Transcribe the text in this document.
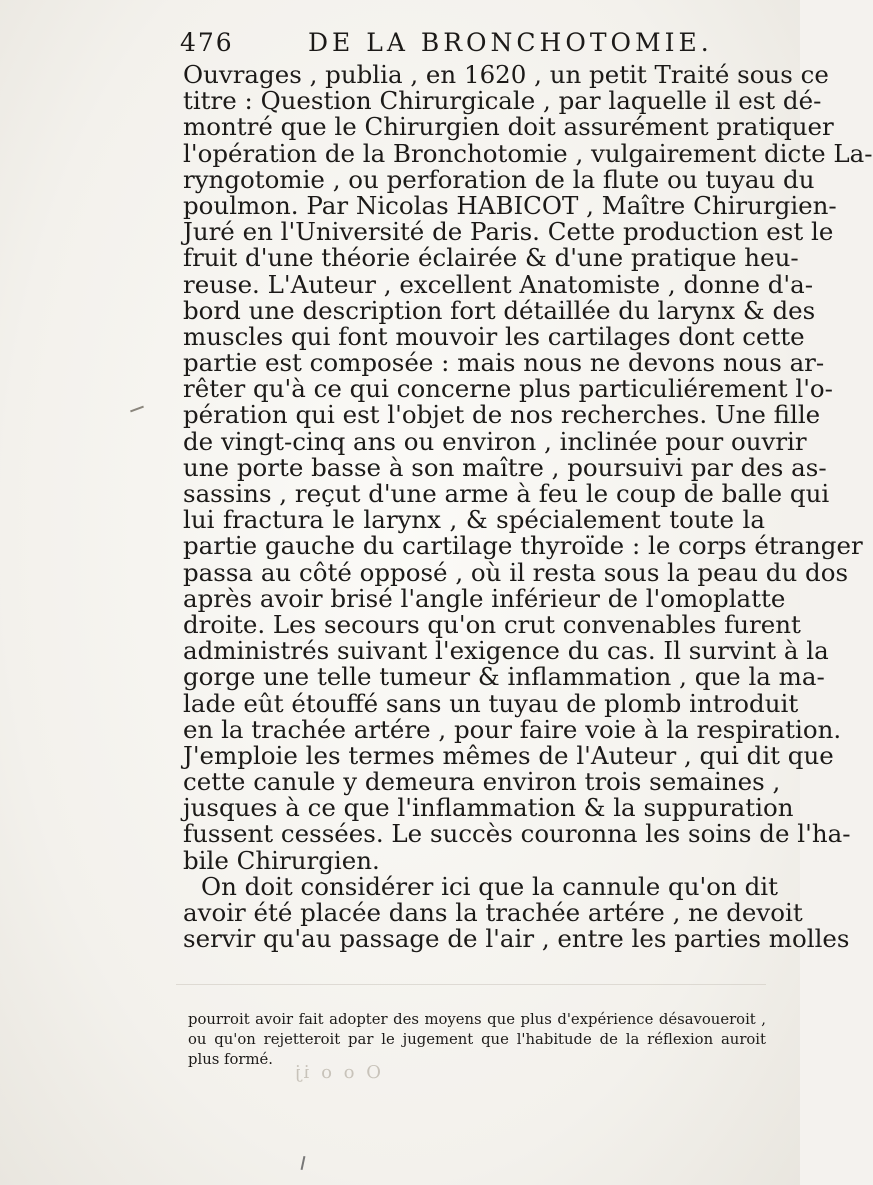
476	DE LA BRONCHOTOMIE.
Ouvrages , publia , en 1620 , un petit Traité sous ce
titre : Question Chirurgicale , par laquelle il est dé-
montré que le Chirurgien doit assurément pratiquer
l'opération de la Bronchotomie , vulgairement dicte La-
ryngotomie , ou perforation de la flute ou tuyau du
poulmon. Par Nicolas HABICOT , Maître Chirurgien-
Juré en l'Université de Paris. Cette production est le
fruit d'une théorie éclairée & d'une pratique heu-
reuse. L'Auteur , excellent Anatomiste , donne d'a-
bord une description fort détaillée du larynx & des
muscles qui font mouvoir les cartilages dont cette
partie est composée : mais nous ne devons nous ar-
rêter qu'à ce qui concerne plus particuliérement l'o-
pération qui est l'objet de nos recherches. Une fille
de vingt-cinq ans ou environ , inclinée pour ouvrir
une porte basse à son maître , poursuivi par des as-
sassins , reçut d'une arme à feu le coup de balle qui
lui fractura le larynx , & spécialement toute la
partie gauche du cartilage thyroïde : le corps étranger
passa au côté opposé , où il resta sous la peau du dos
après avoir brisé l'angle inférieur de l'omoplatte
droite. Les secours qu'on crut convenables furent
administrés suivant l'exigence du cas. Il survint à la
gorge une telle tumeur & inflammation , que la ma-
lade eût étouffé sans un tuyau de plomb introduit
en la trachée artére , pour faire voie à la respiration.
J'emploie les termes mêmes de l'Auteur , qui dit que
cette canule y demeura environ trois semaines ,
jusques à ce que l'inflammation & la suppuration
fussent cessées. Le succès couronna les soins de l'ha-
bile Chirurgien.
On doit considérer ici que la cannule qu'on dit
avoir été placée dans la trachée artére , ne devoit
servir qu'au passage de l'air , entre les parties molles
pourroit avoir fait adopter des moyens que plus d'expérience désavoueroit ,
ou qu'on rejetteroit par le jugement que l'habitude de la réflexion auroit
plus formé.
O o o ij
